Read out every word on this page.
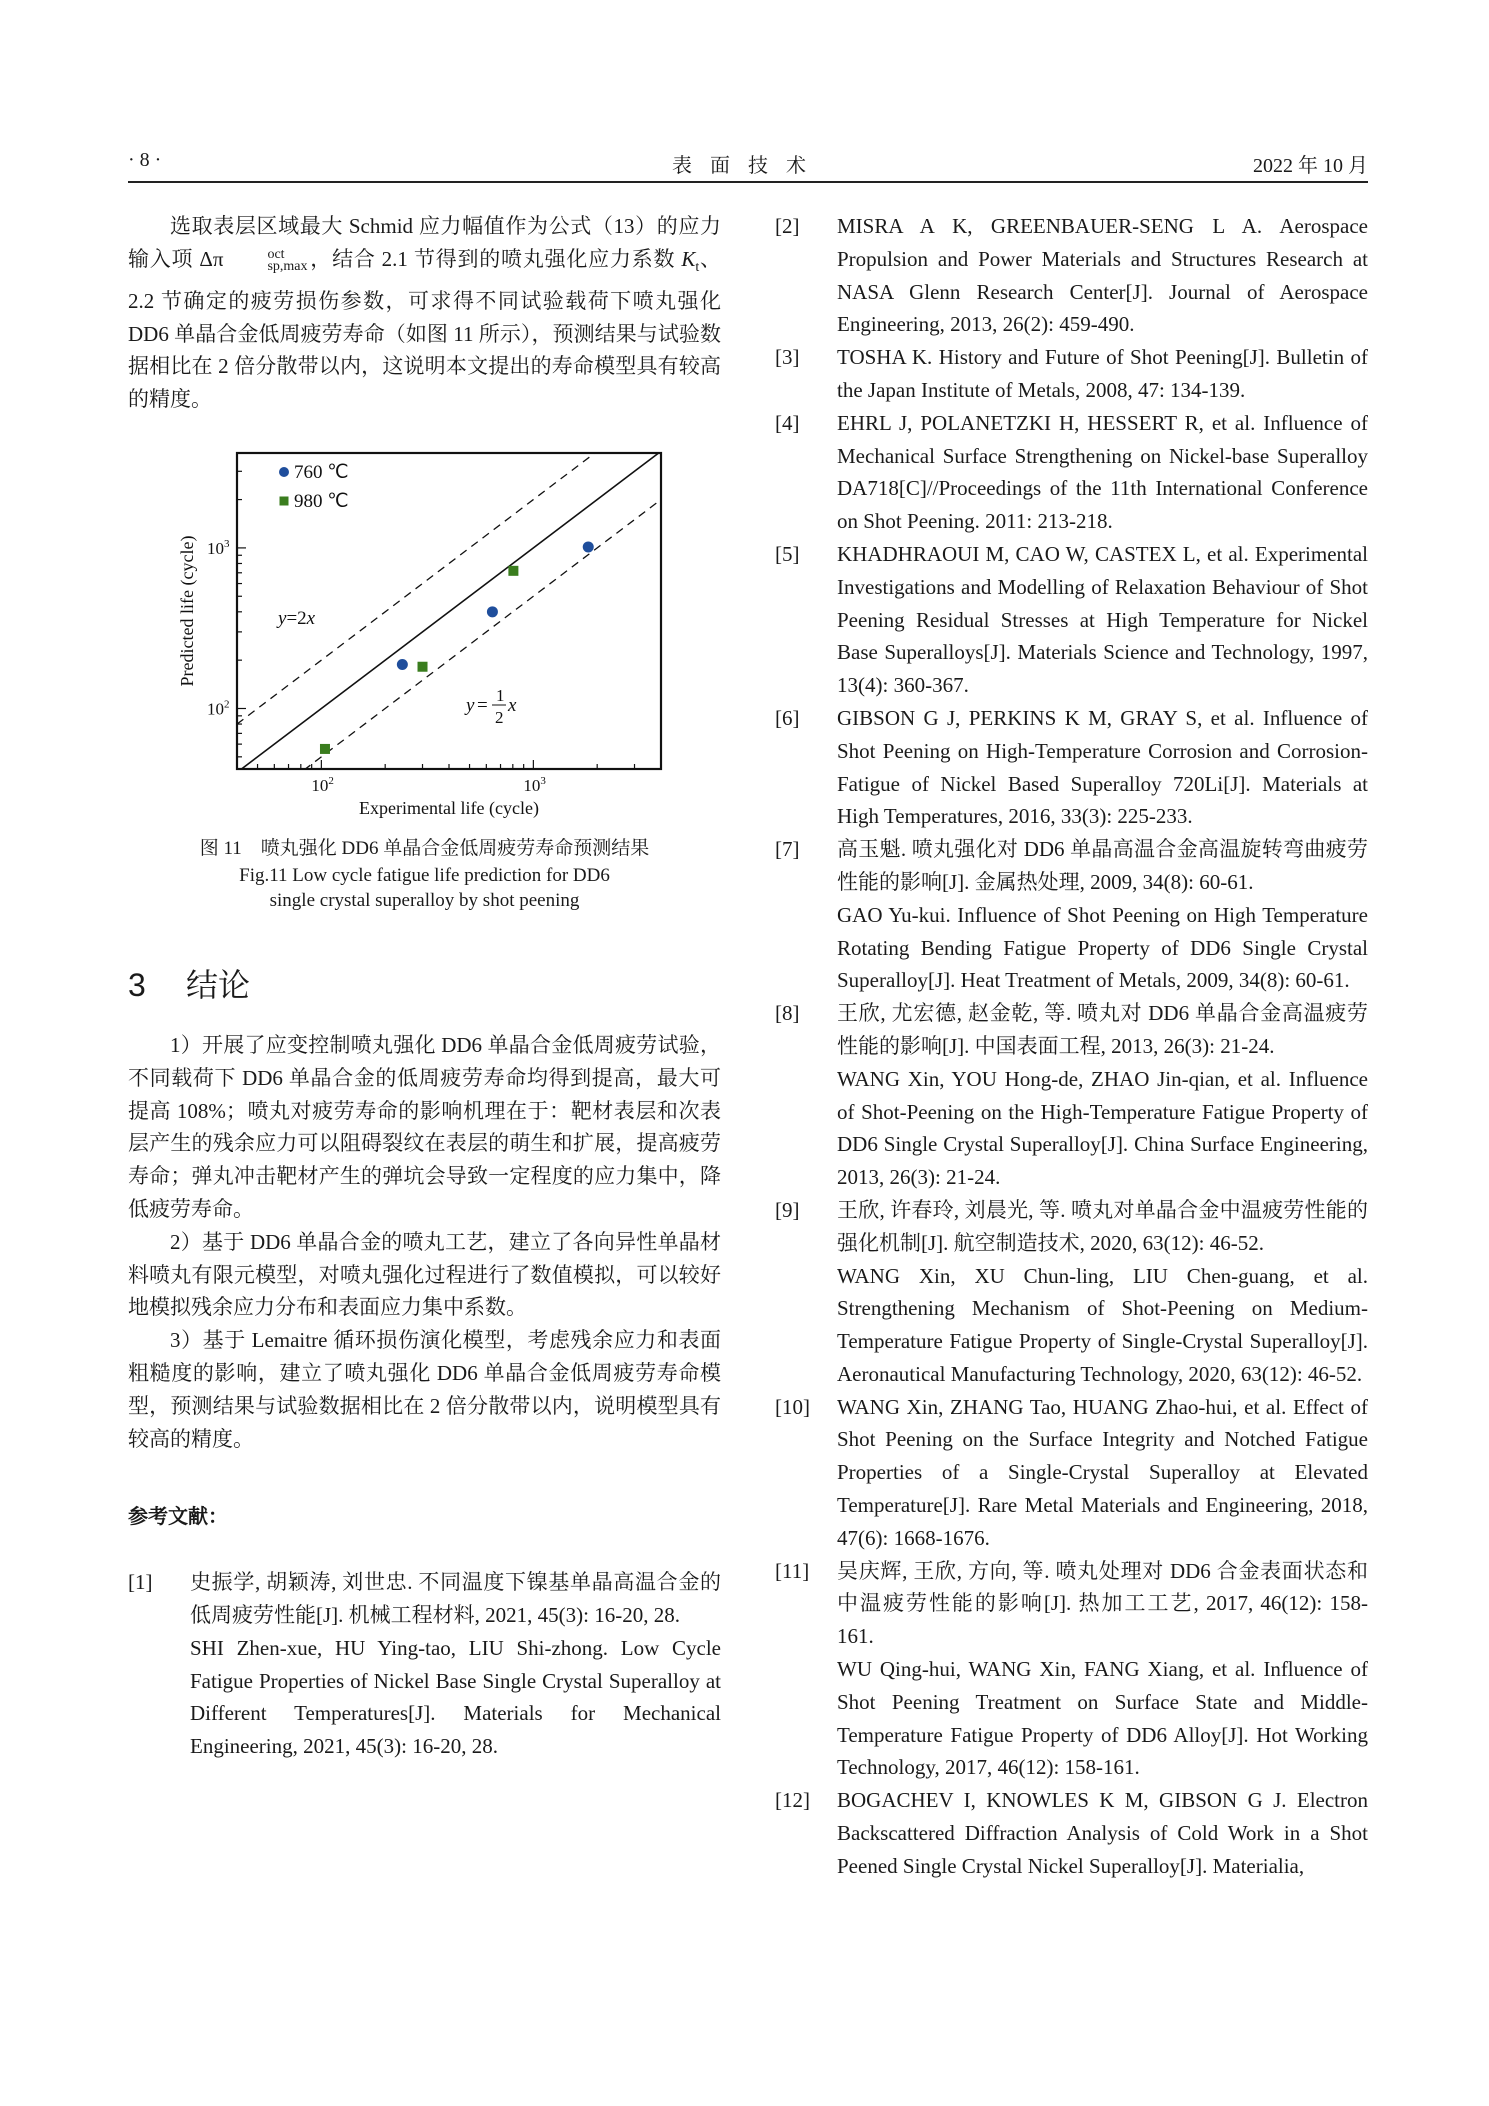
· 8 ·	表面技术	2022 年 10 月

选取表层区域最大 Schmid 应力幅值作为公式（13）的应力输入项 Δπ	oct
sp,max ，结合 2.1 节得到的喷丸强化应力系数 $K_t$、2.2 节确定的疲劳损伤参数，可求得不同试验载荷下喷丸强化 DD6 单晶合金低周疲劳寿命（如图 11 所示），预测结果与试验数据相比在 2 倍分散带以内，这说明本文提出的寿命模型具有较高的精度。

$10^2$	$10^3$
$10^2$
$10^3$
Experimental life (cycle)
Predicted life (cycle)
760 ℃
980 ℃
y=2x
y = 1
2
x
图 11　喷丸强化 DD6 单晶合金低周疲劳寿命预测结果
Fig.11 Low cycle fatigue life prediction for DD6
single crystal superalloy by shot peening
3 结论

1）开展了应变控制喷丸强化 DD6 单晶合金低周疲劳试验，不同载荷下 DD6 单晶合金的低周疲劳寿命均得到提高，最大可提高 108%；喷丸对疲劳寿命的影响机理在于：靶材表层和次表层产生的残余应力可以阻碍裂纹在表层的萌生和扩展，提高疲劳寿命；弹丸冲击靶材产生的弹坑会导致一定程度的应力集中，降低疲劳寿命。

2）基于 DD6 单晶合金的喷丸工艺，建立了各向异性单晶材料喷丸有限元模型，对喷丸强化过程进行了数值模拟，可以较好地模拟残余应力分布和表面应力集中系数。

3）基于 Lemaitre 循环损伤演化模型，考虑残余应力和表面粗糙度的影响，建立了喷丸强化 DD6 单晶合金低周疲劳寿命模型，预测结果与试验数据相比在 2 倍分散带以内，说明模型具有较高的精度。

参考文献：
[1] 史振学, 胡颖涛, 刘世忠. 不同温度下镍基单晶高温合金的低周疲劳性能[J]. 机械工程材料, 2021, 45(3): 16-20, 28.

SHI Zhen-xue, HU Ying-tao, LIU Shi-zhong. Low Cycle Fatigue Properties of Nickel Base Single Crystal Superalloy at Different Temperatures[J]. Materials for Mechanical Engineering, 2021, 45(3): 16-20, 28.

[2] MISRA A K, GREENBAUER-SENG L A. Aerospace Propulsion and Power Materials and Structures Research at NASA Glenn Research Center[J]. Journal of Aerospace Engineering, 2013, 26(2): 459-490.

[3] TOSHA K. History and Future of Shot Peening[J]. Bulletin of the Japan Institute of Metals, 2008, 47: 134-139.

[4] EHRL J, POLANETZKI H, HESSERT R, et al. Influence of Mechanical Surface Strengthening on Nickel-base Superalloy DA718[C]//Proceedings of the 11th International Conference on Shot Peening. 2011: 213-218.

[5] KHADHRAOUI M, CAO W, CASTEX L, et al. Experimental Investigations and Modelling of Relaxation Behaviour of Shot Peening Residual Stresses at High Temperature for Nickel Base Superalloys[J]. Materials Science and Technology, 1997, 13(4): 360-367.

[6] GIBSON G J, PERKINS K M, GRAY S, et al. Influence of Shot Peening on High-Temperature Corrosion and Corrosion-Fatigue of Nickel Based Superalloy 720Li[J]. Materials at High Temperatures, 2016, 33(3): 225-233.

[7] 高玉魁. 喷丸强化对 DD6 单晶高温合金高温旋转弯曲疲劳性能的影响[J]. 金属热处理, 2009, 34(8): 60-61.

GAO Yu-kui. Influence of Shot Peening on High Temperature Rotating Bending Fatigue Property of DD6 Single Crystal Superalloy[J]. Heat Treatment of Metals, 2009, 34(8): 60-61.

[8] 王欣, 尤宏德, 赵金乾, 等. 喷丸对 DD6 单晶合金高温疲劳性能的影响[J]. 中国表面工程, 2013, 26(3): 21-24.

WANG Xin, YOU Hong-de, ZHAO Jin-qian, et al. Influence of Shot-Peening on the High-Temperature Fatigue Property of DD6 Single Crystal Superalloy[J]. China Surface Engineering, 2013, 26(3): 21-24.

[9] 王欣, 许春玲, 刘晨光, 等. 喷丸对单晶合金中温疲劳性能的强化机制[J]. 航空制造技术, 2020, 63(12): 46-52.

WANG Xin, XU Chun-ling, LIU Chen-guang, et al. Strengthening Mechanism of Shot-Peening on Medium-Temperature Fatigue Property of Single-Crystal Superalloy[J]. Aeronautical Manufacturing Technology, 2020, 63(12): 46-52.

[10] WANG Xin, ZHANG Tao, HUANG Zhao-hui, et al. Effect of Shot Peening on the Surface Integrity and Notched Fatigue Properties of a Single-Crystal Superalloy at Elevated Temperature[J]. Rare Metal Materials and Engineering, 2018, 47(6): 1668-1676.

[11] 吴庆辉, 王欣, 方向, 等. 喷丸处理对 DD6 合金表面状态和中温疲劳性能的影响[J]. 热加工工艺, 2017, 46(12): 158-161.

WU Qing-hui, WANG Xin, FANG Xiang, et al. Influence of Shot Peening Treatment on Surface State and Middle-Temperature Fatigue Property of DD6 Alloy[J]. Hot Working Technology, 2017, 46(12): 158-161.

[12] BOGACHEV I, KNOWLES K M, GIBSON G J. Electron Backscattered Diffraction Analysis of Cold Work in a Shot Peened Single Crystal Nickel Superalloy[J]. Materialia,
